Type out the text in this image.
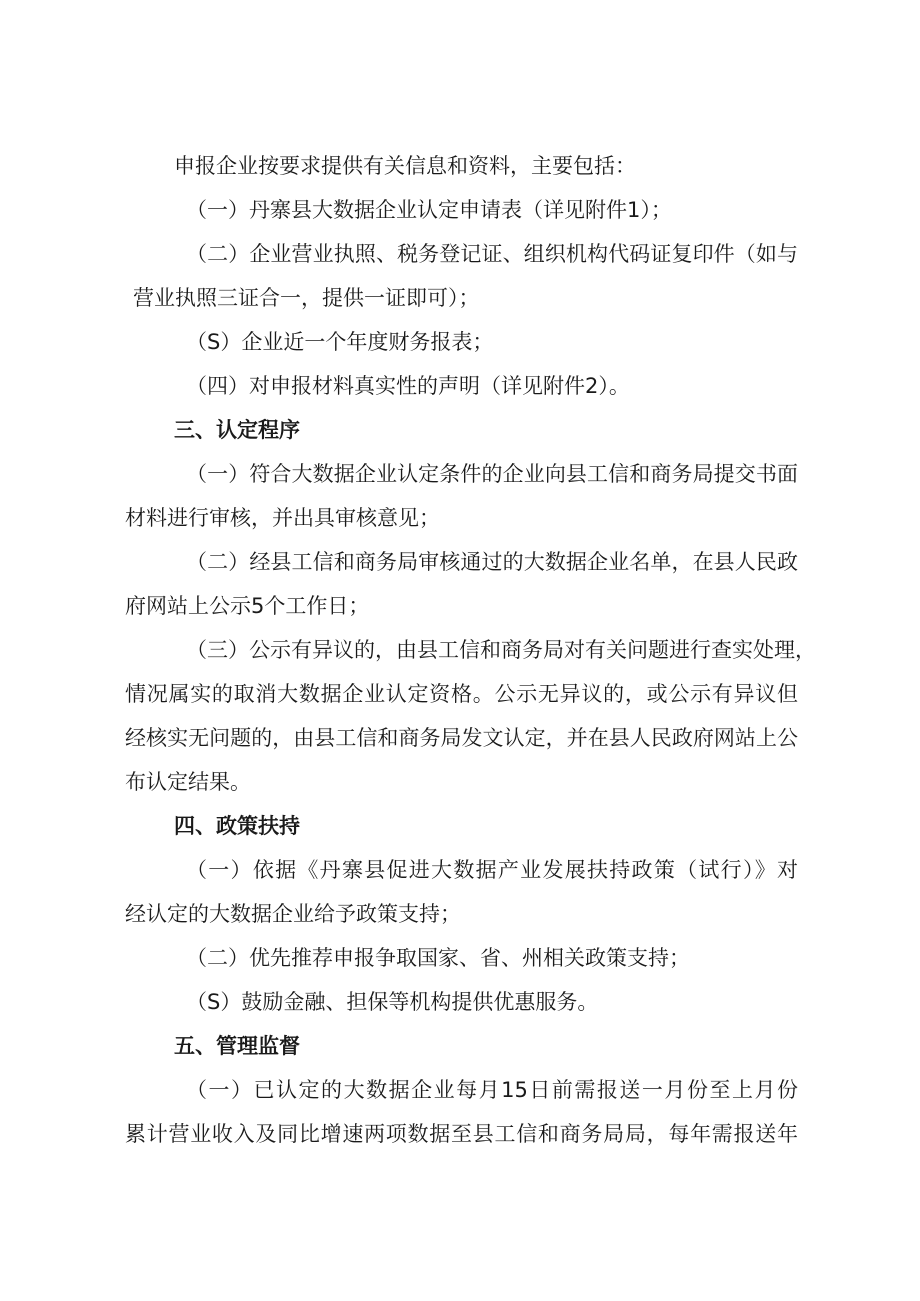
申报企业按要求提供有关信息和资料，主要包括：

（一）丹寨县大数据企业认定申请表（详见附件1）；

（二）企业营业执照、税务登记证、组织机构代码证复印件（如与

营业执照三证合一，提供一证即可）；

（S）企业近一个年度财务报表；

（四）对申报材料真实性的声明（详见附件2）。

三、认定程序

（一）符合大数据企业认定条件的企业向县工信和商务局提交书面

材料进行审核，并出具审核意见；

（二）经县工信和商务局审核通过的大数据企业名单，在县人民政

府网站上公示5个工作日；

（三）公示有异议的，由县工信和商务局对有关问题进行查实处理，

情况属实的取消大数据企业认定资格。公示无异议的，或公示有异议但

经核实无问题的，由县工信和商务局发文认定，并在县人民政府网站上公

布认定结果。

四、政策扶持

（一）依据《丹寨县促进大数据产业发展扶持政策（试行）》对

经认定的大数据企业给予政策支持；

（二）优先推荐申报争取国家、省、州相关政策支持；

（S）鼓励金融、担保等机构提供优惠服务。

五、管理监督

（一）已认定的大数据企业每月15日前需报送一月份至上月份

累计营业收入及同比增速两项数据至县工信和商务局局，每年需报送年
